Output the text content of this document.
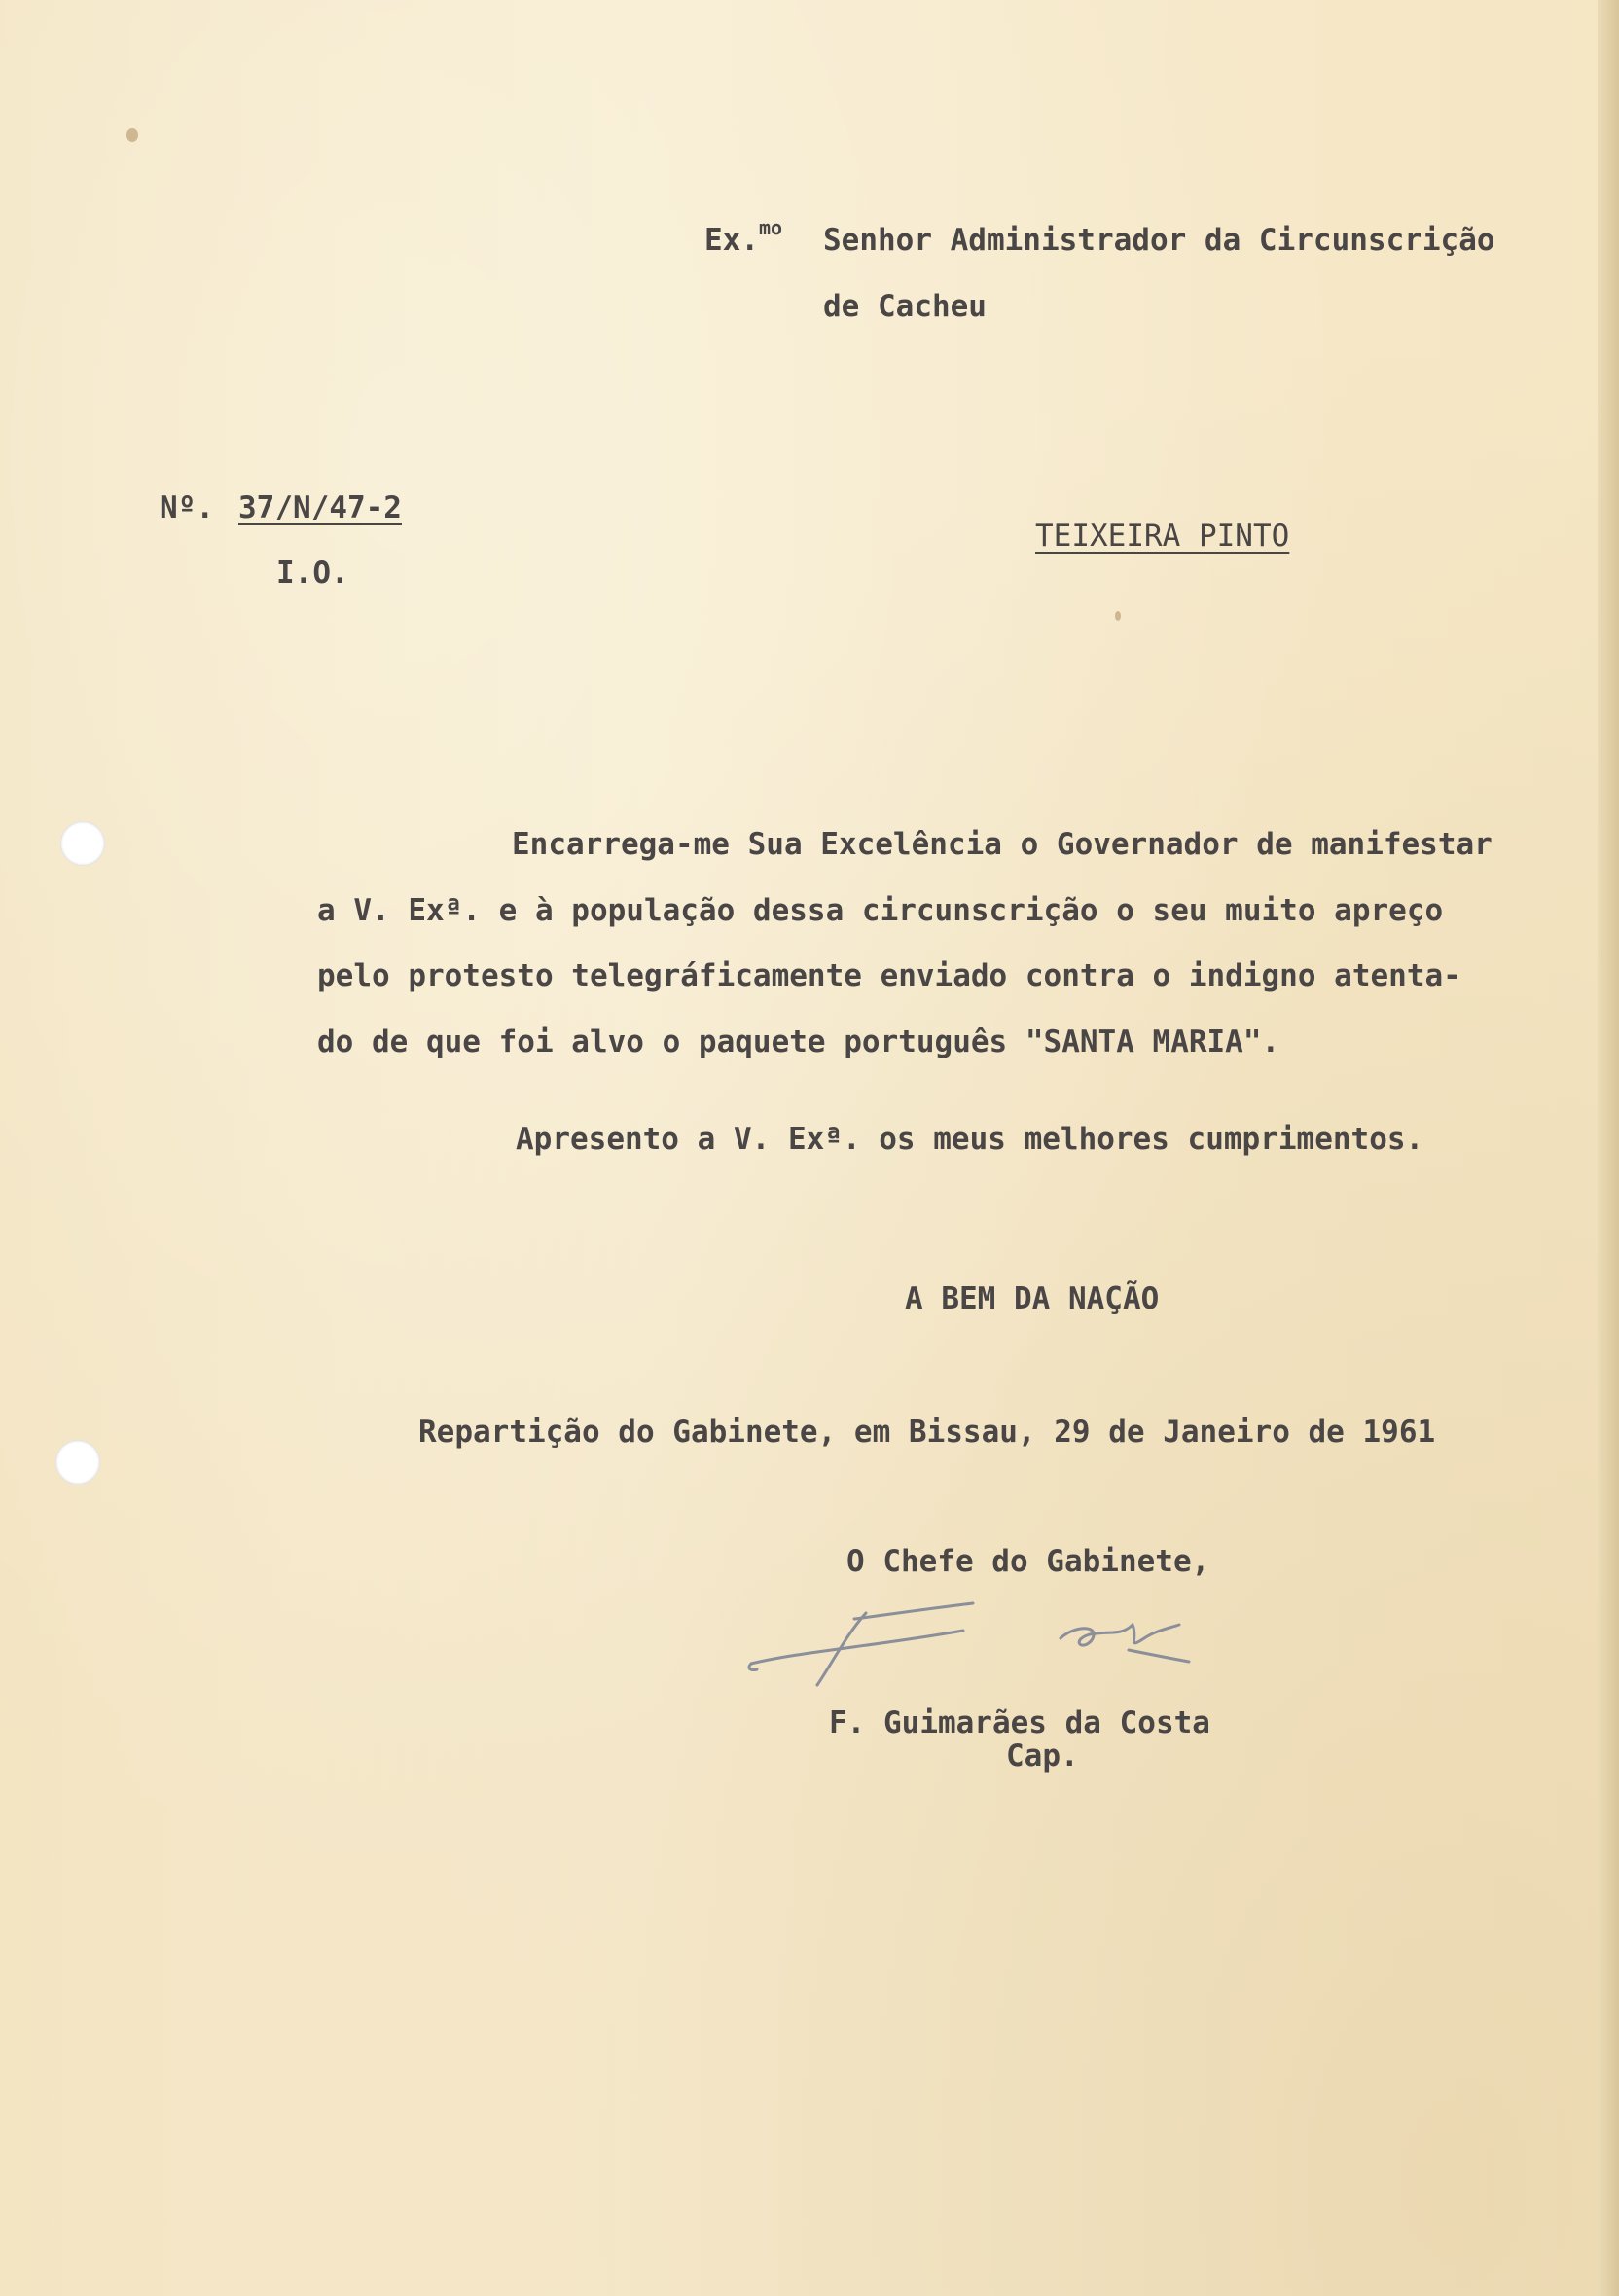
Ex.$^{mo}$ Senhor Administrador da Circunscrição
de Cacheu
Nº. 37/N/47-2
I.O.
TEIXEIRA PINTO
Encarrega-me Sua Excelência o Governador de manifestar
a V. Exª. e à população dessa circunscrição o seu muito apreço
pelo protesto telegráficamente enviado contra o indigno atenta-
do de que foi alvo o paquete português "SANTA MARIA".
Apresento a V. Exª. os meus melhores cumprimentos.
A BEM DA NAÇÃO
Repartição do Gabinete, em Bissau, 29 de Janeiro de 1961
O Chefe do Gabinete,
F. Guimarães da Costa
Cap.
